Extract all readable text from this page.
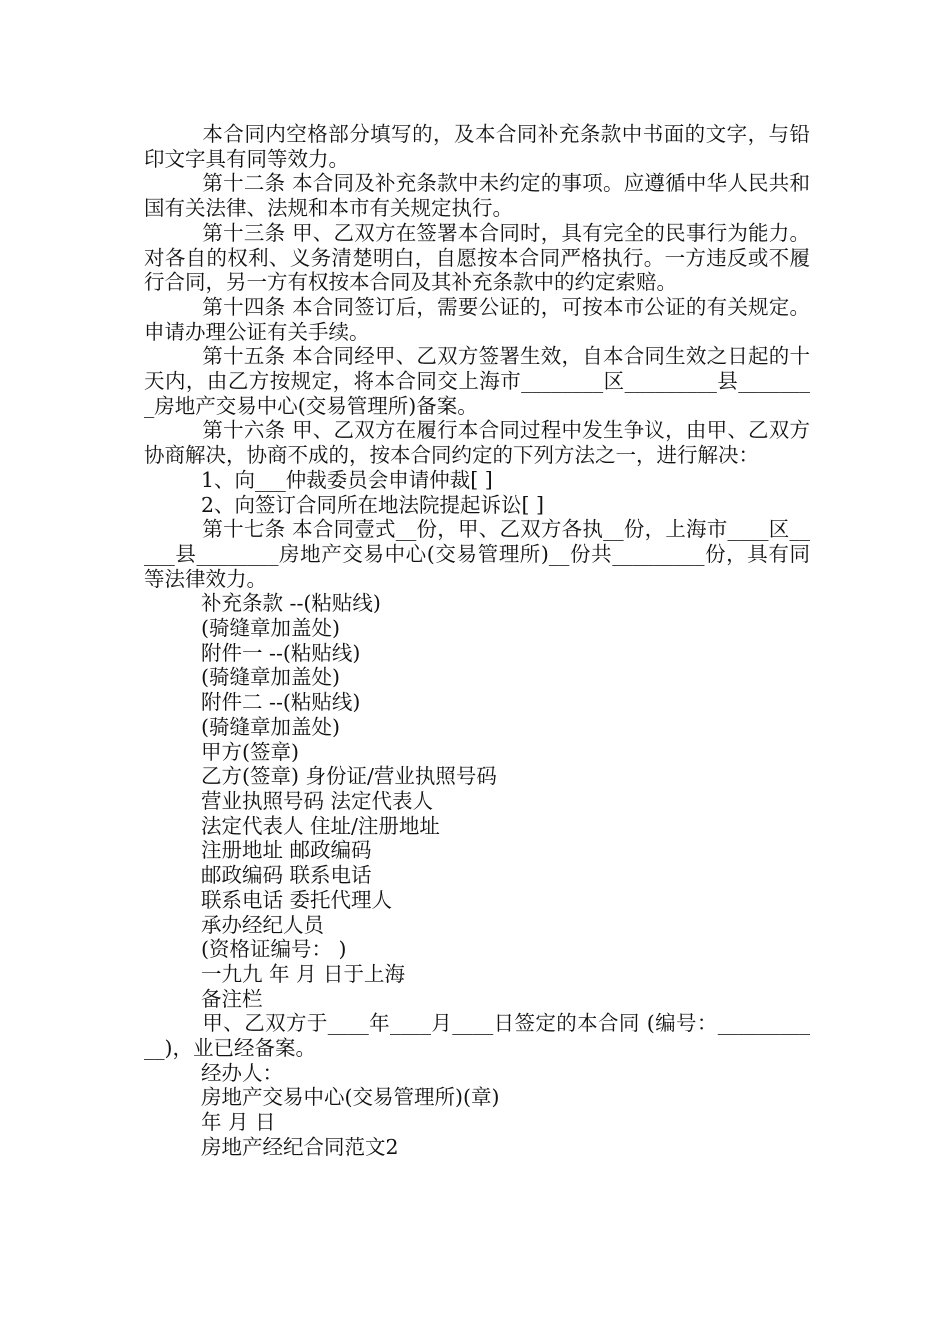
本合同内空格部分填写的，及本合同补充条款中书面的文字，与铅印文字具有同等效力。

第十二条 本合同及补充条款中未约定的事项。应遵循中华人民共和国有关法律、法规和本市有关规定执行。

第十三条 甲、乙双方在签署本合同时，具有完全的民事行为能力。对各自的权利、义务清楚明白，自愿按本合同严格执行。一方违反或不履行合同，另一方有权按本合同及其补充条款中的约定索赔。

第十四条 本合同签订后，需要公证的，可按本市公证的有关规定。申请办理公证有关手续。

第十五条 本合同经甲、乙双方签署生效，自本合同生效之日起的十天内，由乙方按规定，将本合同交上海市________区_________县________房地产交易中心(交易管理所)备案。

第十六条 甲、乙双方在履行本合同过程中发生争议，由甲、乙双方协商解决，协商不成的，按本合同约定的下列方法之一，进行解决：

1、向___仲裁委员会申请仲裁[ ]

2、向签订合同所在地法院提起诉讼[ ]

第十七条 本合同壹式__份，甲、乙双方各执__份，上海市____区_____县________房地产交易中心(交易管理所)__份共_________份，具有同等法律效力。

补充条款 --(粘贴线)

(骑缝章加盖处)

附件一 --(粘贴线)

(骑缝章加盖处)

附件二 --(粘贴线)

(骑缝章加盖处)

甲方(签章)

乙方(签章) 身份证/营业执照号码

营业执照号码 法定代表人

法定代表人 住址/注册地址

注册地址 邮政编码

邮政编码 联系电话

联系电话 委托代理人

承办经纪人员

(资格证编号： )

一九九 年 月 日于上海

备注栏

甲、乙双方于____年____月____日签定的本合同 (编号：___________)，业已经备案。

经办人：

房地产交易中心(交易管理所)(章)

年 月 日

房地产经纪合同范文2
